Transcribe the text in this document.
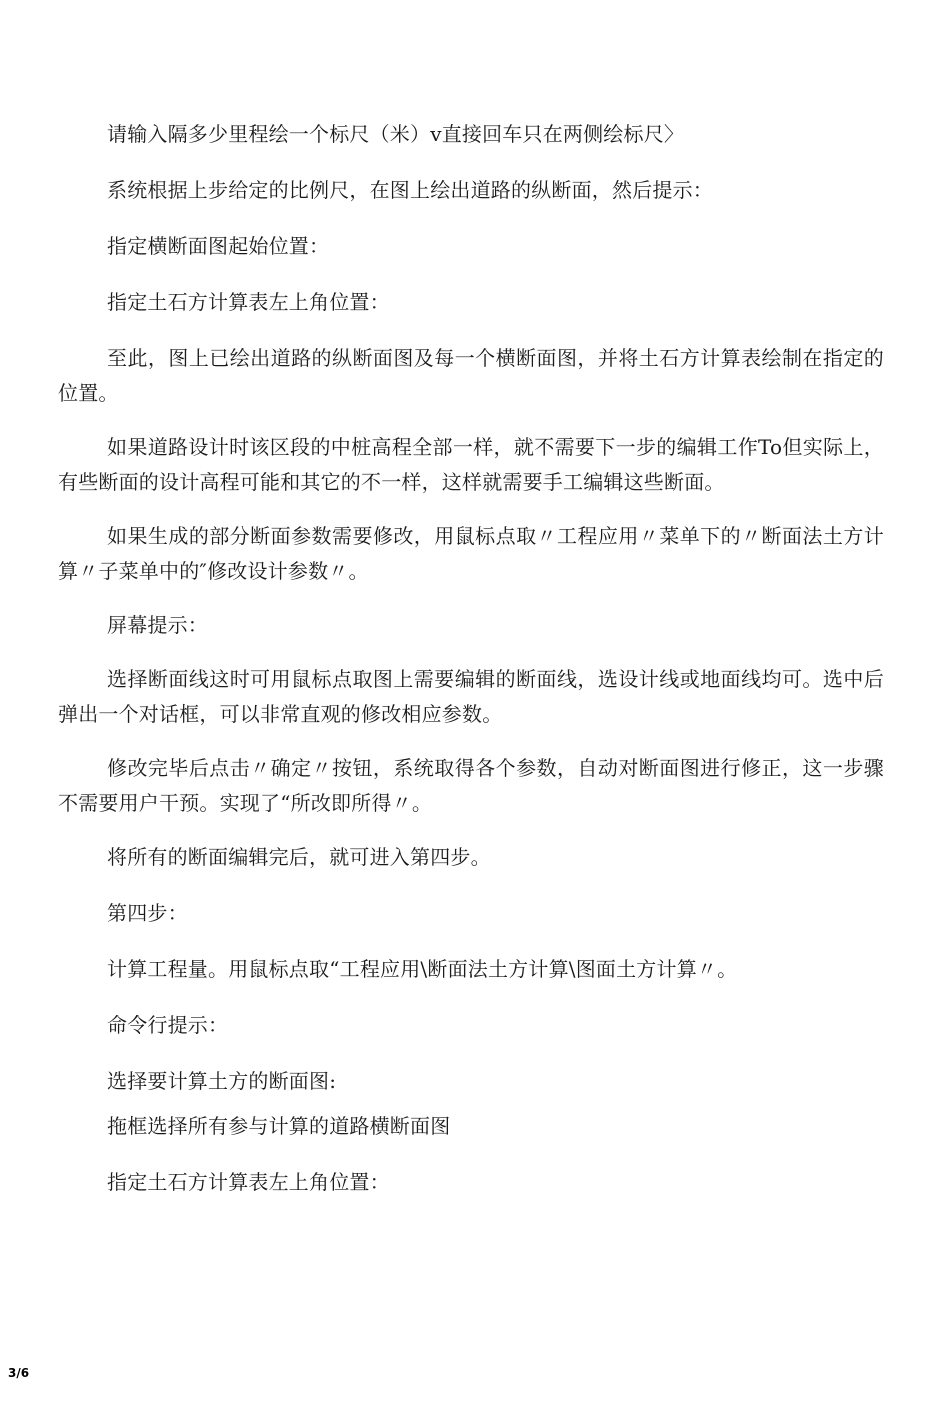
请输入隔多少里程绘一个标尺（米）v直接回车只在两侧绘标尺〉

系统根据上步给定的比例尺，在图上绘出道路的纵断面，然后提示：

指定横断面图起始位置：

指定土石方计算表左上角位置：

至此，图上已绘出道路的纵断面图及每一个横断面图，并将土石方计算表绘制在指定的位置。

如果道路设计时该区段的中桩高程全部一样，就不需要下一步的编辑工作To但实际上，有些断面的设计高程可能和其它的不一样，这样就需要手工编辑这些断面。

如果生成的部分断面参数需要修改，用鼠标点取〃工程应用〃菜单下的〃断面法土方计算〃子菜单中的″修改设计参数〃。

屏幕提示：

选择断面线这时可用鼠标点取图上需要编辑的断面线，选设计线或地面线均可。选中后弹出一个对话框，可以非常直观的修改相应参数。

修改完毕后点击〃确定〃按钮，系统取得各个参数，自动对断面图进行修正，这一步骤不需要用户干预。实现了“所改即所得〃。

将所有的断面编辑完后，就可进入第四步。

第四步：

计算工程量。用鼠标点取“工程应用\断面法土方计算\图面土方计算〃。

命令行提示：

选择要计算土方的断面图:

拖框选择所有参与计算的道路横断面图

指定土石方计算表左上角位置：

3/6
